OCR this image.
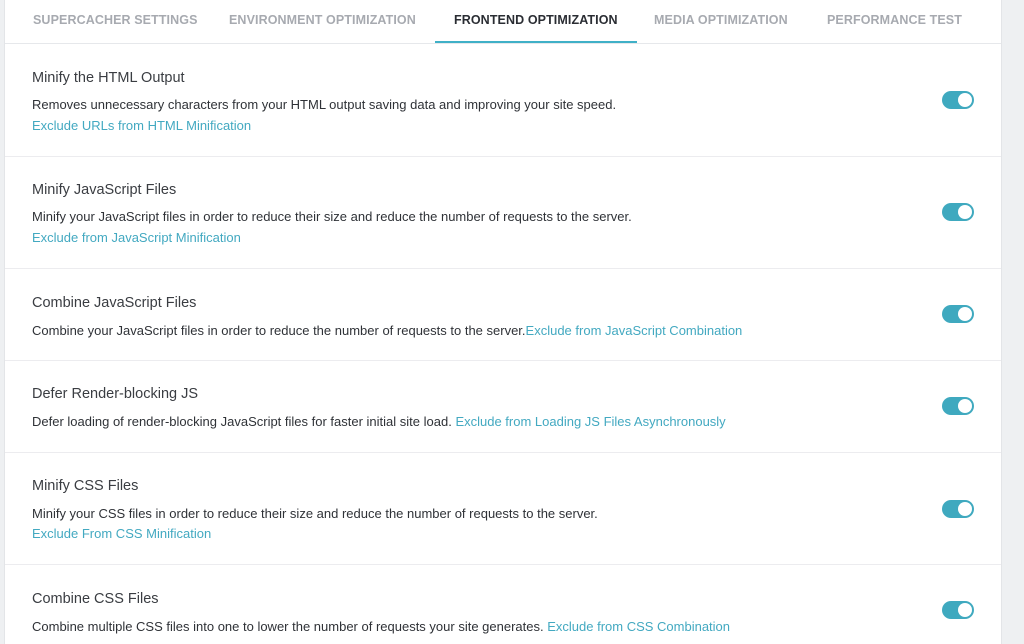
SUPERCACHER SETTINGS	ENVIRONMENT OPTIMIZATION	FRONTEND OPTIMIZATION	MEDIA OPTIMIZATION	PERFORMANCE TEST
Minify the HTML Output
Removes unnecessary characters from your HTML output saving data and improving your site speed.
Exclude URLs from HTML Minification
Minify JavaScript Files
Minify your JavaScript files in order to reduce their size and reduce the number of requests to the server.
Exclude from JavaScript Minification
Combine JavaScript Files
Combine your JavaScript files in order to reduce the number of requests to the server.Exclude from JavaScript Combination
Defer Render-blocking JS
Defer loading of render-blocking JavaScript files for faster initial site load. Exclude from Loading JS Files Asynchronously
Minify CSS Files
Minify your CSS files in order to reduce their size and reduce the number of requests to the server.
Exclude From CSS Minification
Combine CSS Files
Combine multiple CSS files into one to lower the number of requests your site generates. Exclude from CSS Combination
